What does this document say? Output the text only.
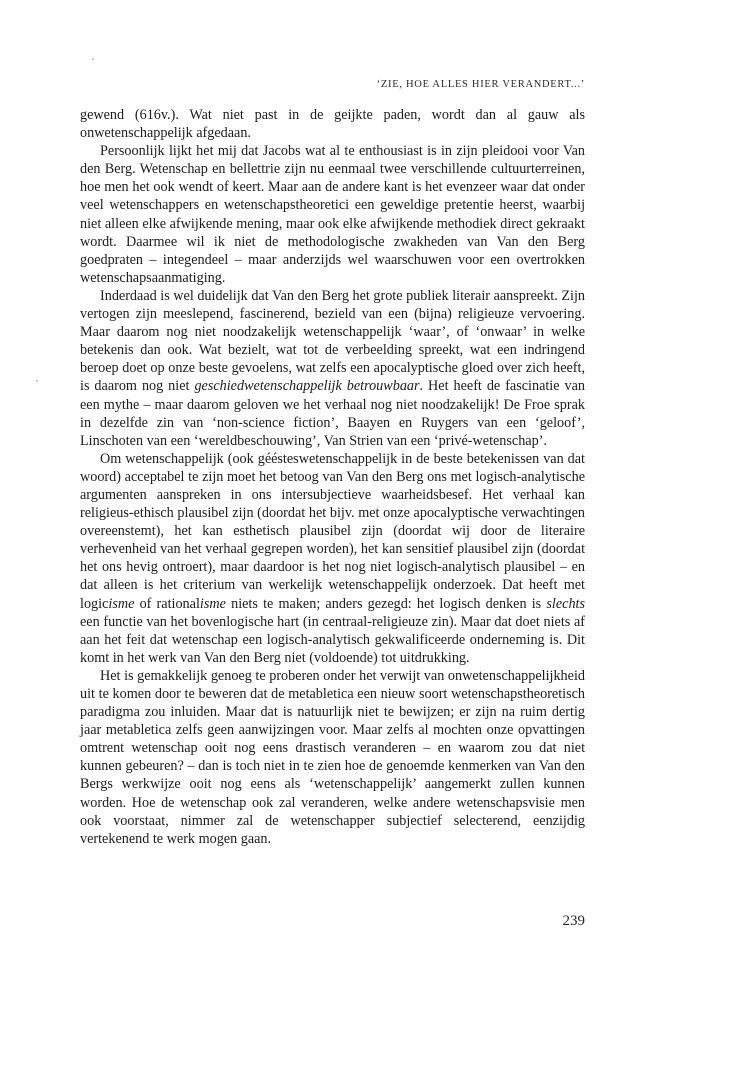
‘ZIE, HOE ALLES HIER VERANDERT...’

gewend (616v.). Wat niet past in de geijkte paden, wordt dan al gauw als onwetenschappelijk afgedaan.

Persoonlijk lijkt het mij dat Jacobs wat al te enthousiast is in zijn pleidooi voor Van den Berg. Wetenschap en bellettrie zijn nu eenmaal twee verschillende cultuurterreinen, hoe men het ook wendt of keert. Maar aan de andere kant is het evenzeer waar dat onder veel wetenschappers en wetenschapstheoretici een geweldige pretentie heerst, waarbij niet alleen elke afwijkende mening, maar ook elke afwijkende methodiek direct gekraakt wordt. Daarmee wil ik niet de methodologische zwakheden van Van den Berg goedpraten – integendeel – maar anderzijds wel waarschuwen voor een overtrokken wetenschapsaanmatiging.

Inderdaad is wel duidelijk dat Van den Berg het grote publiek literair aanspreekt. Zijn vertogen zijn meeslepend, fascinerend, bezield van een (bijna) religieuze vervoering. Maar daarom nog niet noodzakelijk wetenschappelijk ‘waar’, of ‘onwaar’ in welke betekenis dan ook. Wat bezielt, wat tot de verbeelding spreekt, wat een indringend beroep doet op onze beste gevoelens, wat zelfs een apocalyptische gloed over zich heeft, is daarom nog niet geschiedwetenschappelijk betrouwbaar. Het heeft de fascinatie van een mythe – maar daarom geloven we het verhaal nog niet noodzakelijk! De Froe sprak in dezelfde zin van ‘non-science fiction’, Baayen en Ruygers van een ‘geloof’, Linschoten van een ‘wereldbeschouwing’, Van Strien van een ‘privé-wetenschap’.

Om wetenschappelijk (ook géésteswetenschappelijk in de beste betekenissen van dat woord) acceptabel te zijn moet het betoog van Van den Berg ons met logisch-analytische argumenten aanspreken in ons intersubjectieve waarheidsbesef. Het verhaal kan religieus-ethisch plausibel zijn (doordat het bijv. met onze apocalyptische verwachtingen overeenstemt), het kan esthetisch plausibel zijn (doordat wij door de literaire verhevenheid van het verhaal gegrepen worden), het kan sensitief plausibel zijn (doordat het ons hevig ontroert), maar daardoor is het nog niet logisch-analytisch plausibel – en dat alleen is het criterium van werkelijk wetenschappelijk onderzoek. Dat heeft met logicisme of rationalisme niets te maken; anders gezegd: het logisch denken is slechts een functie van het bovenlogische hart (in centraal-religieuze zin). Maar dat doet niets af aan het feit dat wetenschap een logisch-analytisch gekwalificeerde onderneming is. Dit komt in het werk van Van den Berg niet (voldoende) tot uitdrukking.

Het is gemakkelijk genoeg te proberen onder het verwijt van onwetenschappelijkheid uit te komen door te beweren dat de metabletica een nieuw soort wetenschapstheoretisch paradigma zou inluiden. Maar dat is natuurlijk niet te bewijzen; er zijn na ruim dertig jaar metabletica zelfs geen aanwijzingen voor. Maar zelfs al mochten onze opvattingen omtrent wetenschap ooit nog eens drastisch veranderen – en waarom zou dat niet kunnen gebeuren? – dan is toch niet in te zien hoe de genoemde kenmerken van Van den Bergs werkwijze ooit nog eens als ‘wetenschappelijk’ aangemerkt zullen kunnen worden. Hoe de wetenschap ook zal veranderen, welke andere wetenschapsvisie men ook voorstaat, nimmer zal de wetenschapper subjectief selecterend, eenzijdig vertekenend te werk mogen gaan.

239
